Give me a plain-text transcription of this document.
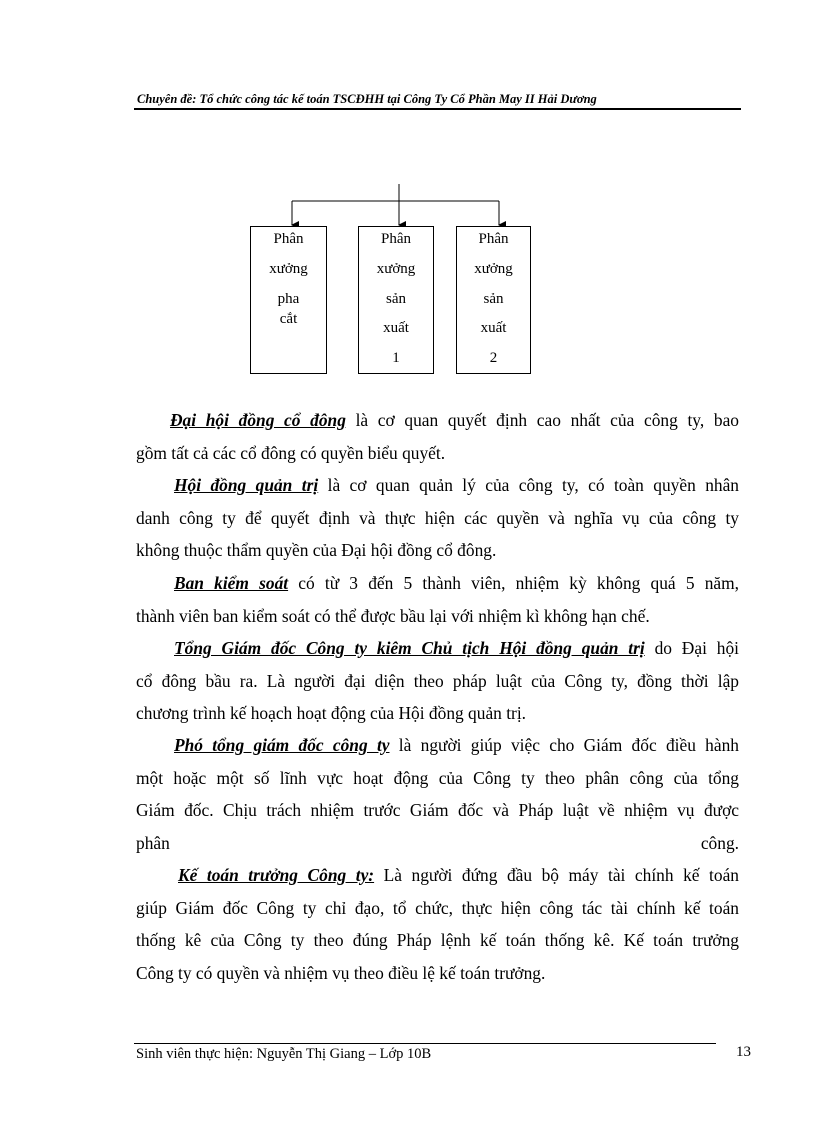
Chuyên đề: Tổ chức công tác kế toán TSCĐHH tại Công Ty Cổ Phần May II Hải Dương
Phân
xưởng
pha
cắt
Phân
xưởng
sản
xuất
1
Phân
xưởng
sản
xuất
2
Đại hội đồng cổ đông là cơ quan quyết định cao nhất của công ty, bao
gồm tất cả các cổ đông có quyền biểu quyết.
Hội đồng quản trị là cơ quan quản lý của công ty, có toàn quyền nhân
danh công ty để quyết định và thực hiện các quyền và nghĩa vụ của công ty
không thuộc thẩm quyền của Đại hội đồng cổ đông.
Ban kiểm soát có từ 3 đến 5 thành viên, nhiệm kỳ không quá 5 năm,
thành viên ban kiểm soát có thể được bầu lại với nhiệm kì không hạn chế.
Tổng Giám đốc Công ty kiêm Chủ tịch Hội đồng quản trị do Đại hội
cổ đông bầu ra. Là người đại diện theo pháp luật của Công ty, đồng thời lập
chương trình kế hoạch hoạt động của Hội đồng quản trị.
Phó tổng giám đốc công ty là người giúp việc cho Giám đốc điều hành
một hoặc một số lĩnh vực hoạt động của Công ty theo phân công của tổng
Giám đốc. Chịu trách nhiệm trước Giám đốc và Pháp luật về nhiệm vụ được
phân công.
Kế toán trưởng Công ty: Là người đứng đầu bộ máy tài chính kế toán
giúp Giám đốc Công ty chỉ đạo, tổ chức, thực hiện công tác tài chính kế toán
thống kê của Công ty theo đúng Pháp lệnh kế toán thống kê. Kế toán trưởng
Công ty có quyền và nhiệm vụ theo điều lệ kế toán trưởng.
Sinh viên thực hiện: Nguyễn Thị Giang – Lớp 10B	13
